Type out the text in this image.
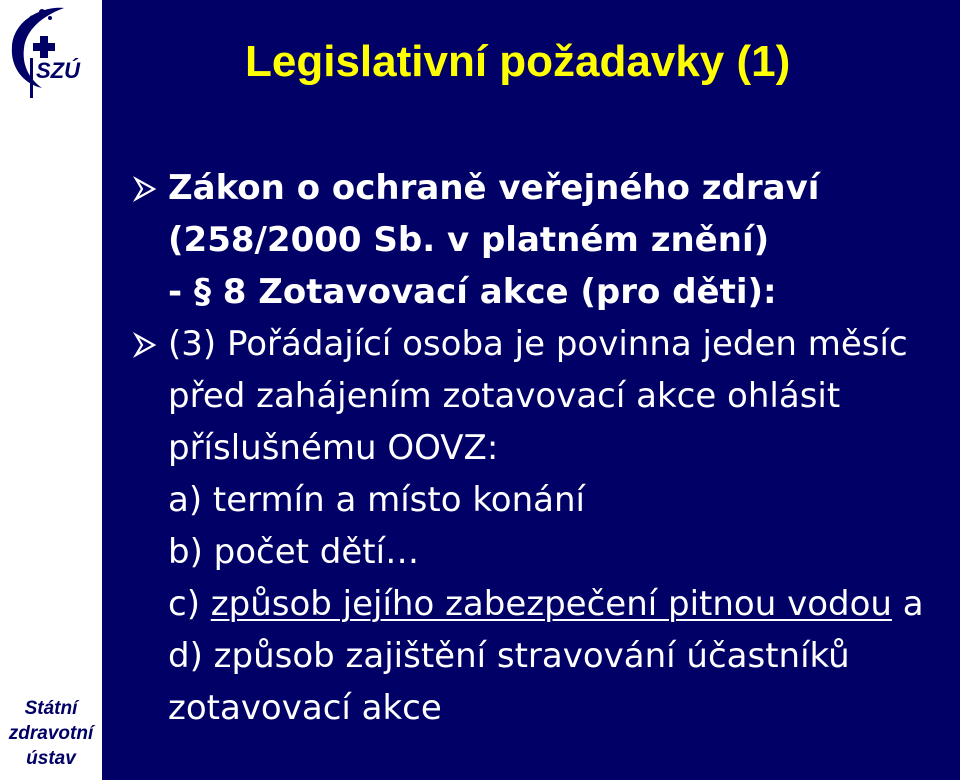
SZÚ
Státní
zdravotní
ústav
Legislativní požadavky (1)
Zákon o ochraně veřejného zdraví
(258/2000 Sb. v platném znění)
- § 8 Zotavovací akce (pro děti):
(3) Pořádající osoba je povinna jeden měsíc
před zahájením zotavovací akce ohlásit
příslušnému OOVZ:
a) termín a místo konání
b) počet dětí…
c) způsob jejího zabezpečení pitnou vodou a
d) způsob zajištění stravování účastníků
zotavovací akce
